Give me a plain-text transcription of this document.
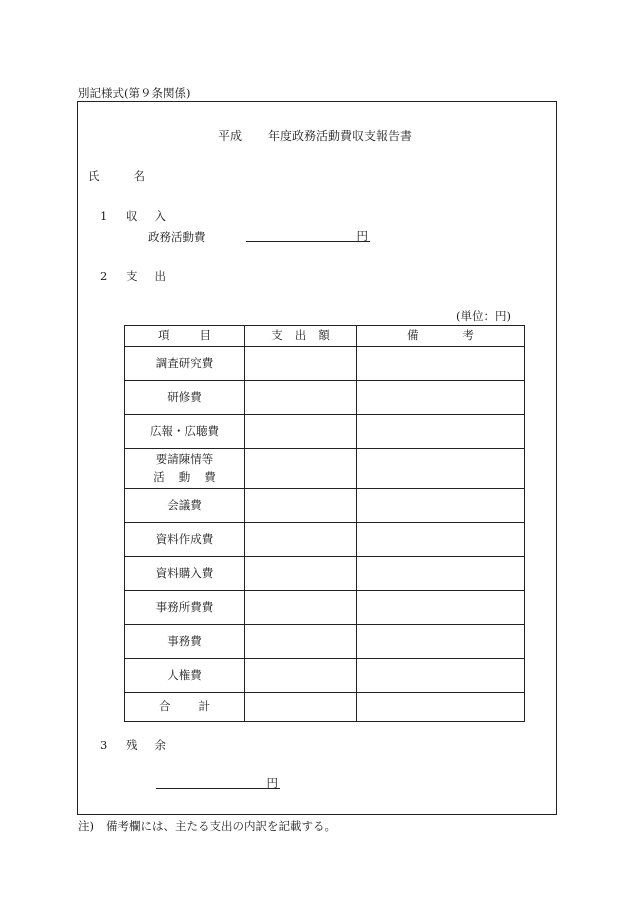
別記様式(第９条関係)
平成 年度政務活動費収支報告書
氏	名
1 収 入
政務活動費	円
2 支 出
(単位：円)
項 目	支 出 額	備 考
調査研究費		
研修費		
広報・広聴費		

要請陳情等
活 動 費		

会議費		
資料作成費		
資料購入費		
事務所費費		
事務費		
人権費		
合 計		
3 残 余
円
注) 備考欄には、主たる支出の内訳を記載する。
